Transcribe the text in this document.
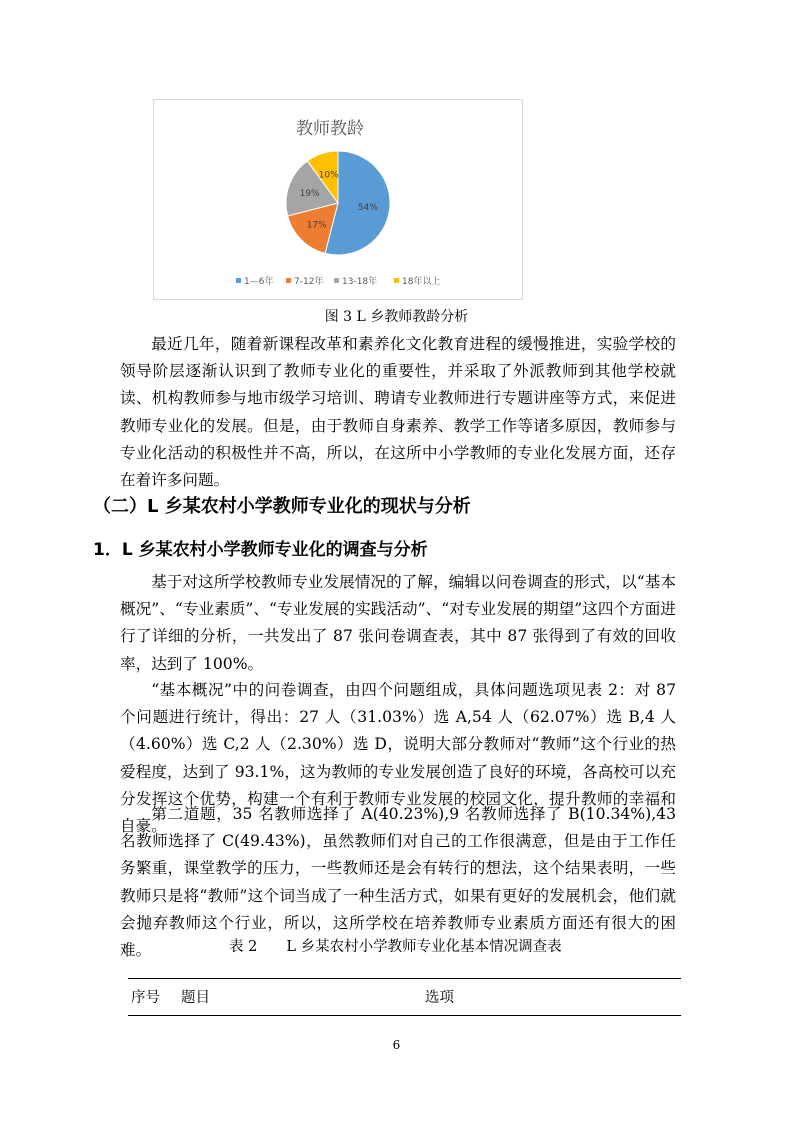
教师教龄
54%
17%
19%
10%
1—6年 7-12年 13-18年	18年以上
图 3 L 乡教师教龄分析

最近几年，随着新课程改革和素养化文化教育进程的缓慢推进，实验学校的领导阶层逐渐认识到了教师专业化的重要性，并采取了外派教师到其他学校就读、机构教师参与地市级学习培训、聘请专业教师进行专题讲座等方式，来促进教师专业化的发展。但是，由于教师自身素养、教学工作等诸多原因，教师参与专业化活动的积极性并不高，所以，在这所中小学教师的专业化发展方面，还存在着许多问题。

（二）L 乡某农村小学教师专业化的现状与分析
1．L 乡某农村小学教师专业化的调查与分析

基于对这所学校教师专业发展情况的了解，编辑以问卷调查的形式，以“基本概况”、“专业素质”、“专业发展的实践活动”、“对专业发展的期望”这四个方面进行了详细的分析，一共发出了 87 张问卷调查表，其中 87 张得到了有效的回收率，达到了 100%。

“基本概况”中的问卷调查，由四个问题组成，具体问题选项见表 2：对 87 个问题进行统计，得出：27 人（31.03%）选 A,54 人（62.07%）选 B,4 人（4.60%）选 C,2 人（2.30%）选 D，说明大部分教师对“教师”这个行业的热爱程度，达到了 93.1%，这为教师的专业发展创造了良好的环境，各高校可以充分发挥这个优势，构建一个有利于教师专业发展的校园文化，提升教师的幸福和自豪。

第二道题，35 名教师选择了 A(40.23%),9 名教师选择了 B(10.34%),43 名教师选择了 C(49.43%)，虽然教师们对自己的工作很满意，但是由于工作任务繁重，课堂教学的压力，一些教师还是会有转行的想法，这个结果表明，一些教师只是将“教师”这个词当成了一种生活方式，如果有更好的发展机会，他们就会抛弃教师这个行业，所以，这所学校在培养教师专业素质方面还有很大的困难。	表 2　　L 乡某农村小学教师专业化基本情况调查表
序号 题目	选项
6
